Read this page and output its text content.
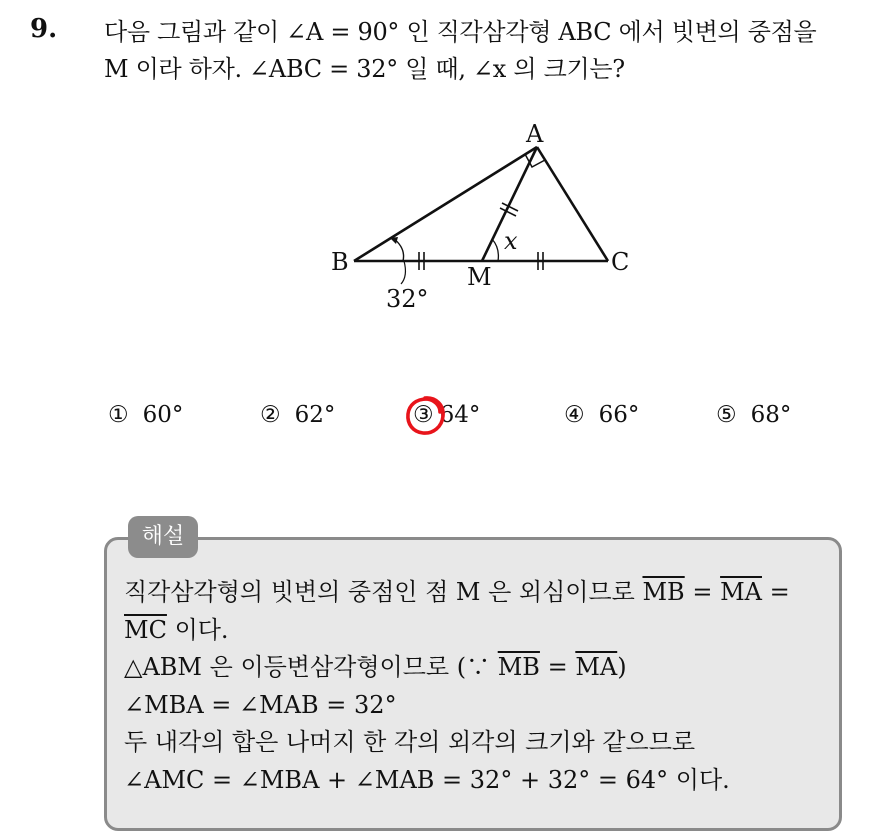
9. 다음 그림과 같이 ∠A = 90° 인 직각삼각형 ABC 에서 빗변의 중점을
M 이라 하자. ∠ABC = 32° 일 때, ∠x 의 크기는?
A
B	C
M
x
32°
① 60°	② 62°	③ 64°	④ 66°	⑤ 68°
해설
직각삼각형의 빗변의 중점인 점 M 은 외심이므로 $\overline{MB} = \overline{MA}$ =
$\overline{MC}$ 이다.
△ABM 은 이등변삼각형이므로 (∵ $\overline{MB} = \overline{MA}$)
∠MBA = ∠MAB = 32°
두 내각의 합은 나머지 한 각의 외각의 크기와 같으므로
∠AMC = ∠MBA + ∠MAB = 32° + 32° = 64° 이다.
